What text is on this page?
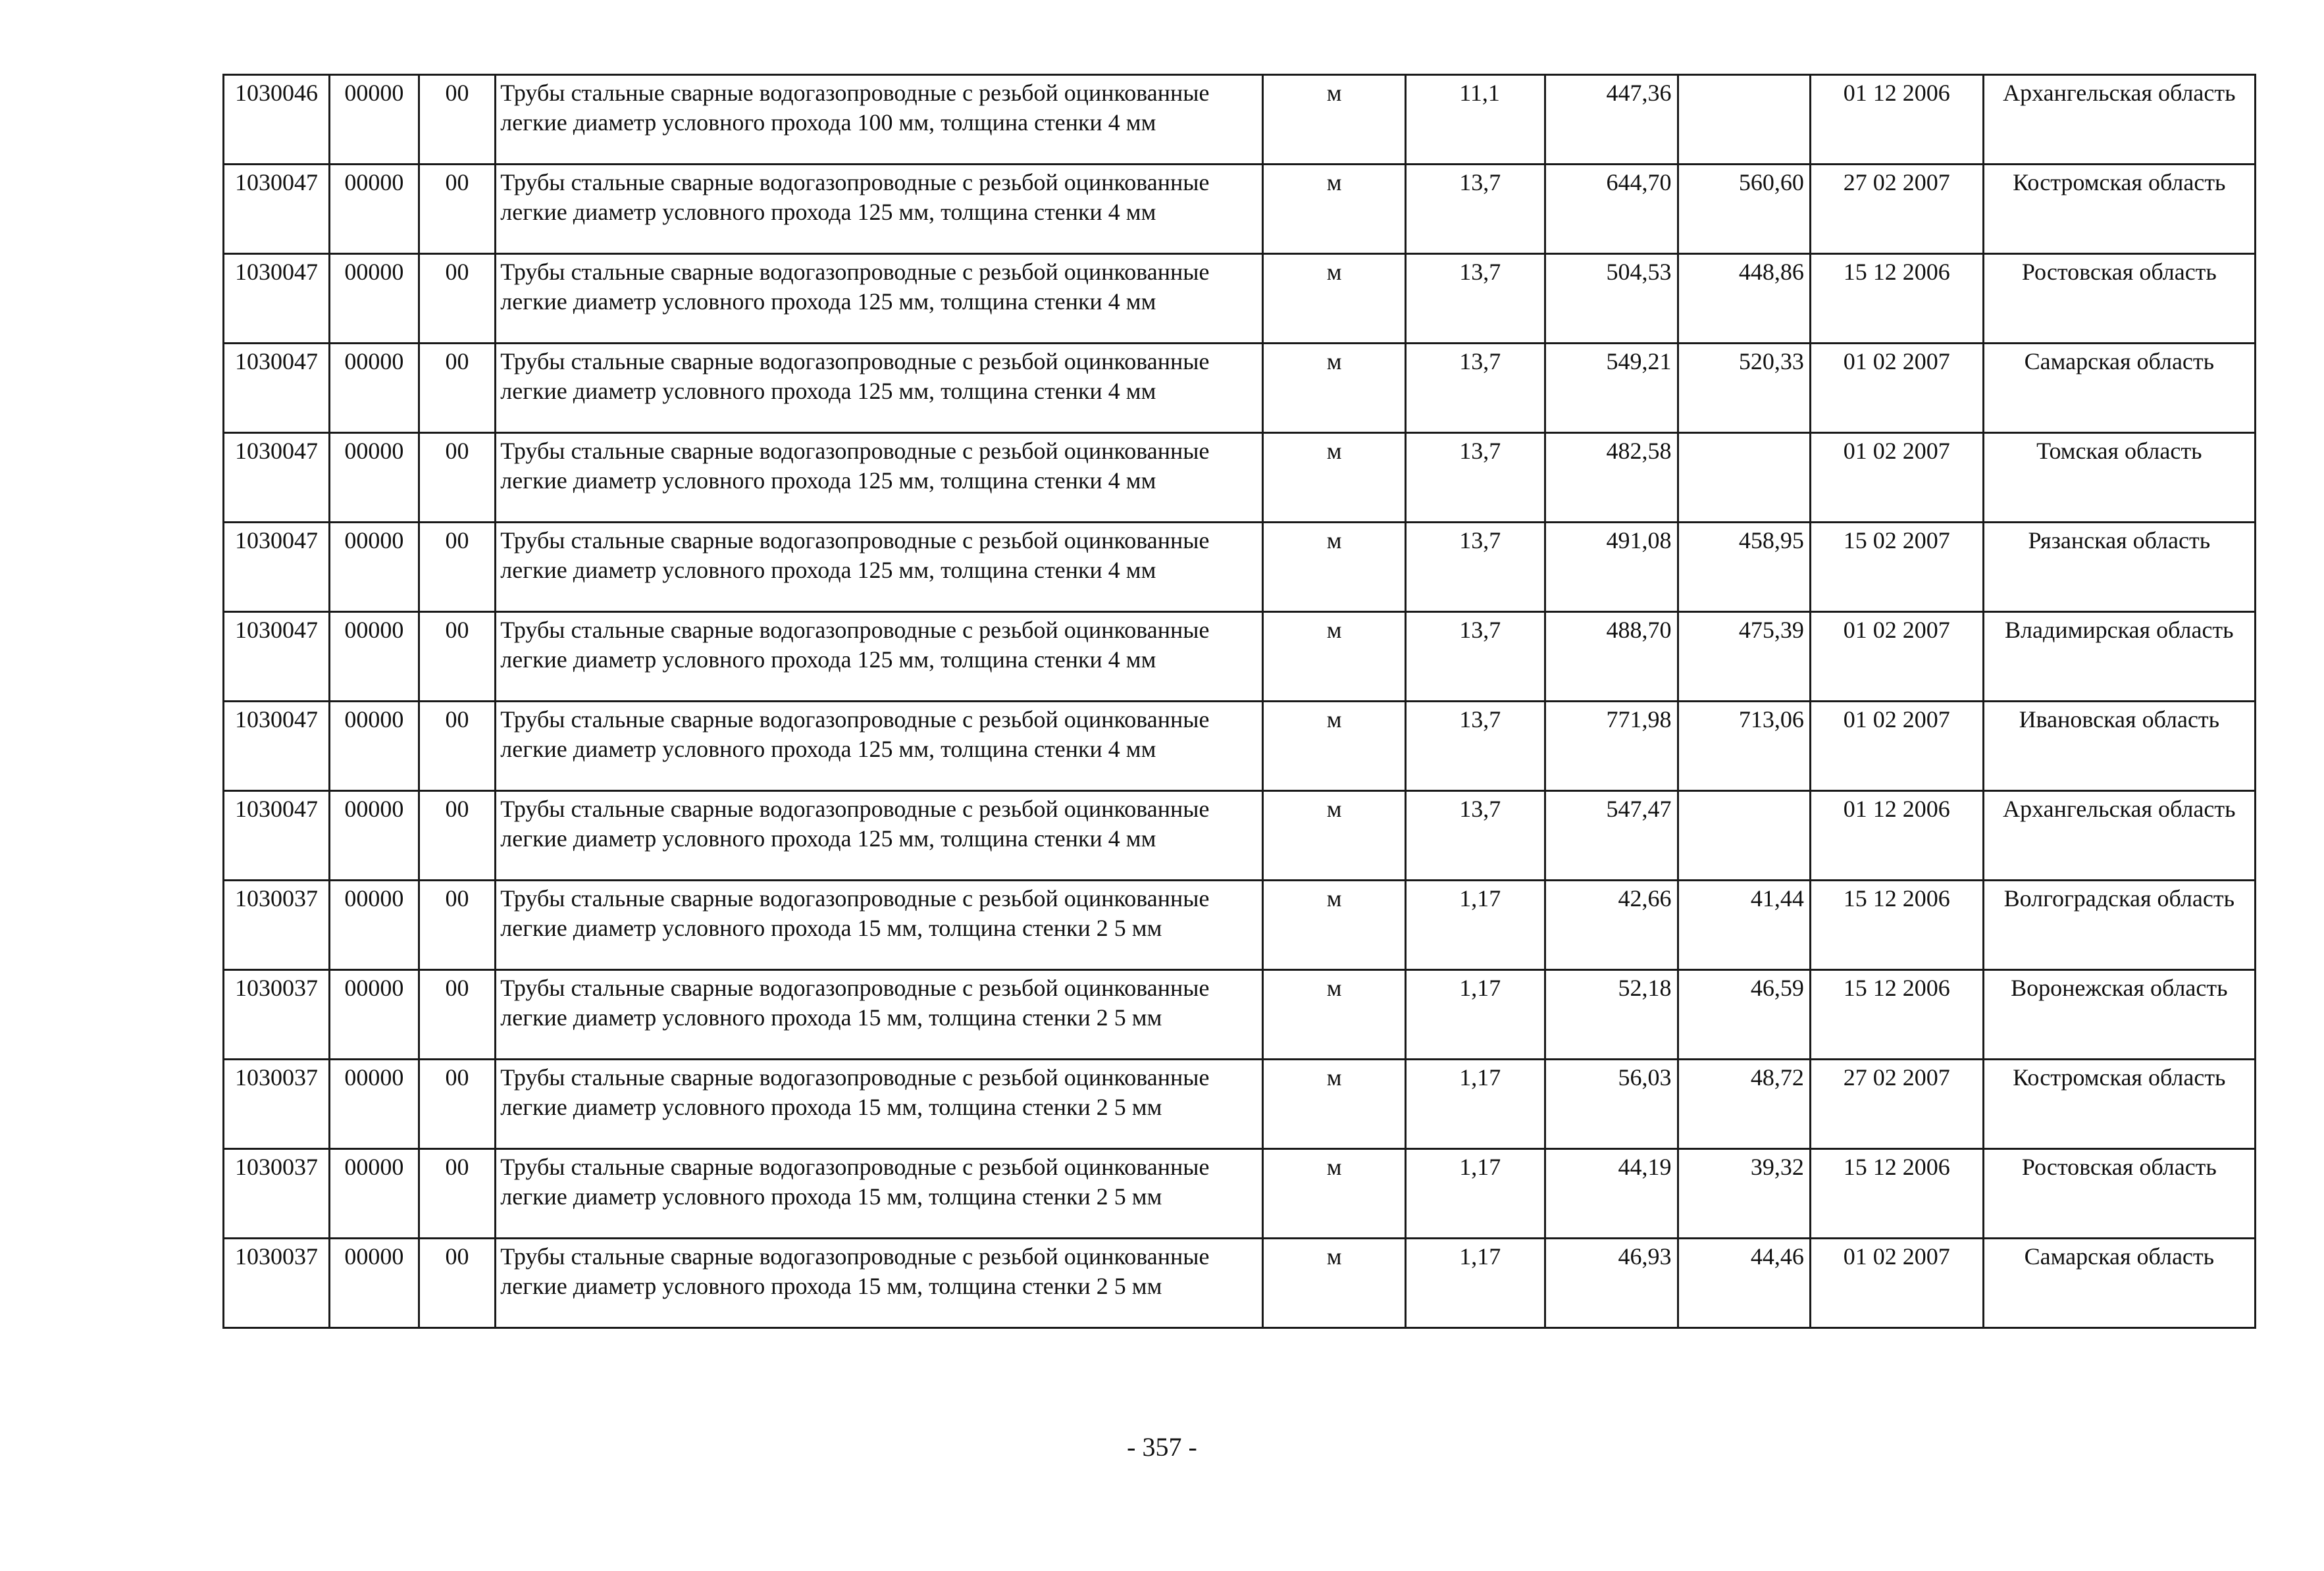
1030046	00000	00	Трубы стальные сварные водогазопроводные с резьбой оцинкованные легкие диаметр условного прохода 100 мм, толщина стенки 4 мм	м	11,1	447,36		01 12 2006	Архангельская область
1030047	00000	00	Трубы стальные сварные водогазопроводные с резьбой оцинкованные легкие диаметр условного прохода 125 мм, толщина стенки 4 мм	м	13,7	644,70	560,60	27 02 2007	Костромская область
1030047	00000	00	Трубы стальные сварные водогазопроводные с резьбой оцинкованные легкие диаметр условного прохода 125 мм, толщина стенки 4 мм	м	13,7	504,53	448,86	15 12 2006	Ростовская область
1030047	00000	00	Трубы стальные сварные водогазопроводные с резьбой оцинкованные легкие диаметр условного прохода 125 мм, толщина стенки 4 мм	м	13,7	549,21	520,33	01 02 2007	Самарская область
1030047	00000	00	Трубы стальные сварные водогазопроводные с резьбой оцинкованные легкие диаметр условного прохода 125 мм, толщина стенки 4 мм	м	13,7	482,58		01 02 2007	Томская область
1030047	00000	00	Трубы стальные сварные водогазопроводные с резьбой оцинкованные легкие диаметр условного прохода 125 мм, толщина стенки 4 мм	м	13,7	491,08	458,95	15 02 2007	Рязанская область
1030047	00000	00	Трубы стальные сварные водогазопроводные с резьбой оцинкованные легкие диаметр условного прохода 125 мм, толщина стенки 4 мм	м	13,7	488,70	475,39	01 02 2007	Владимирская область
1030047	00000	00	Трубы стальные сварные водогазопроводные с резьбой оцинкованные легкие диаметр условного прохода 125 мм, толщина стенки 4 мм	м	13,7	771,98	713,06	01 02 2007	Ивановская область
1030047	00000	00	Трубы стальные сварные водогазопроводные с резьбой оцинкованные легкие диаметр условного прохода 125 мм, толщина стенки 4 мм	м	13,7	547,47		01 12 2006	Архангельская область
1030037	00000	00	Трубы стальные сварные водогазопроводные с резьбой оцинкованные легкие диаметр условного прохода 15 мм, толщина стенки 2 5 мм	м	1,17	42,66	41,44	15 12 2006	Волгоградская область
1030037	00000	00	Трубы стальные сварные водогазопроводные с резьбой оцинкованные легкие диаметр условного прохода 15 мм, толщина стенки 2 5 мм	м	1,17	52,18	46,59	15 12 2006	Воронежская область
1030037	00000	00	Трубы стальные сварные водогазопроводные с резьбой оцинкованные легкие диаметр условного прохода 15 мм, толщина стенки 2 5 мм	м	1,17	56,03	48,72	27 02 2007	Костромская область
1030037	00000	00	Трубы стальные сварные водогазопроводные с резьбой оцинкованные легкие диаметр условного прохода 15 мм, толщина стенки 2 5 мм	м	1,17	44,19	39,32	15 12 2006	Ростовская область
1030037	00000	00	Трубы стальные сварные водогазопроводные с резьбой оцинкованные легкие диаметр условного прохода 15 мм, толщина стенки 2 5 мм	м	1,17	46,93	44,46	01 02 2007	Самарская область
- 357 -
